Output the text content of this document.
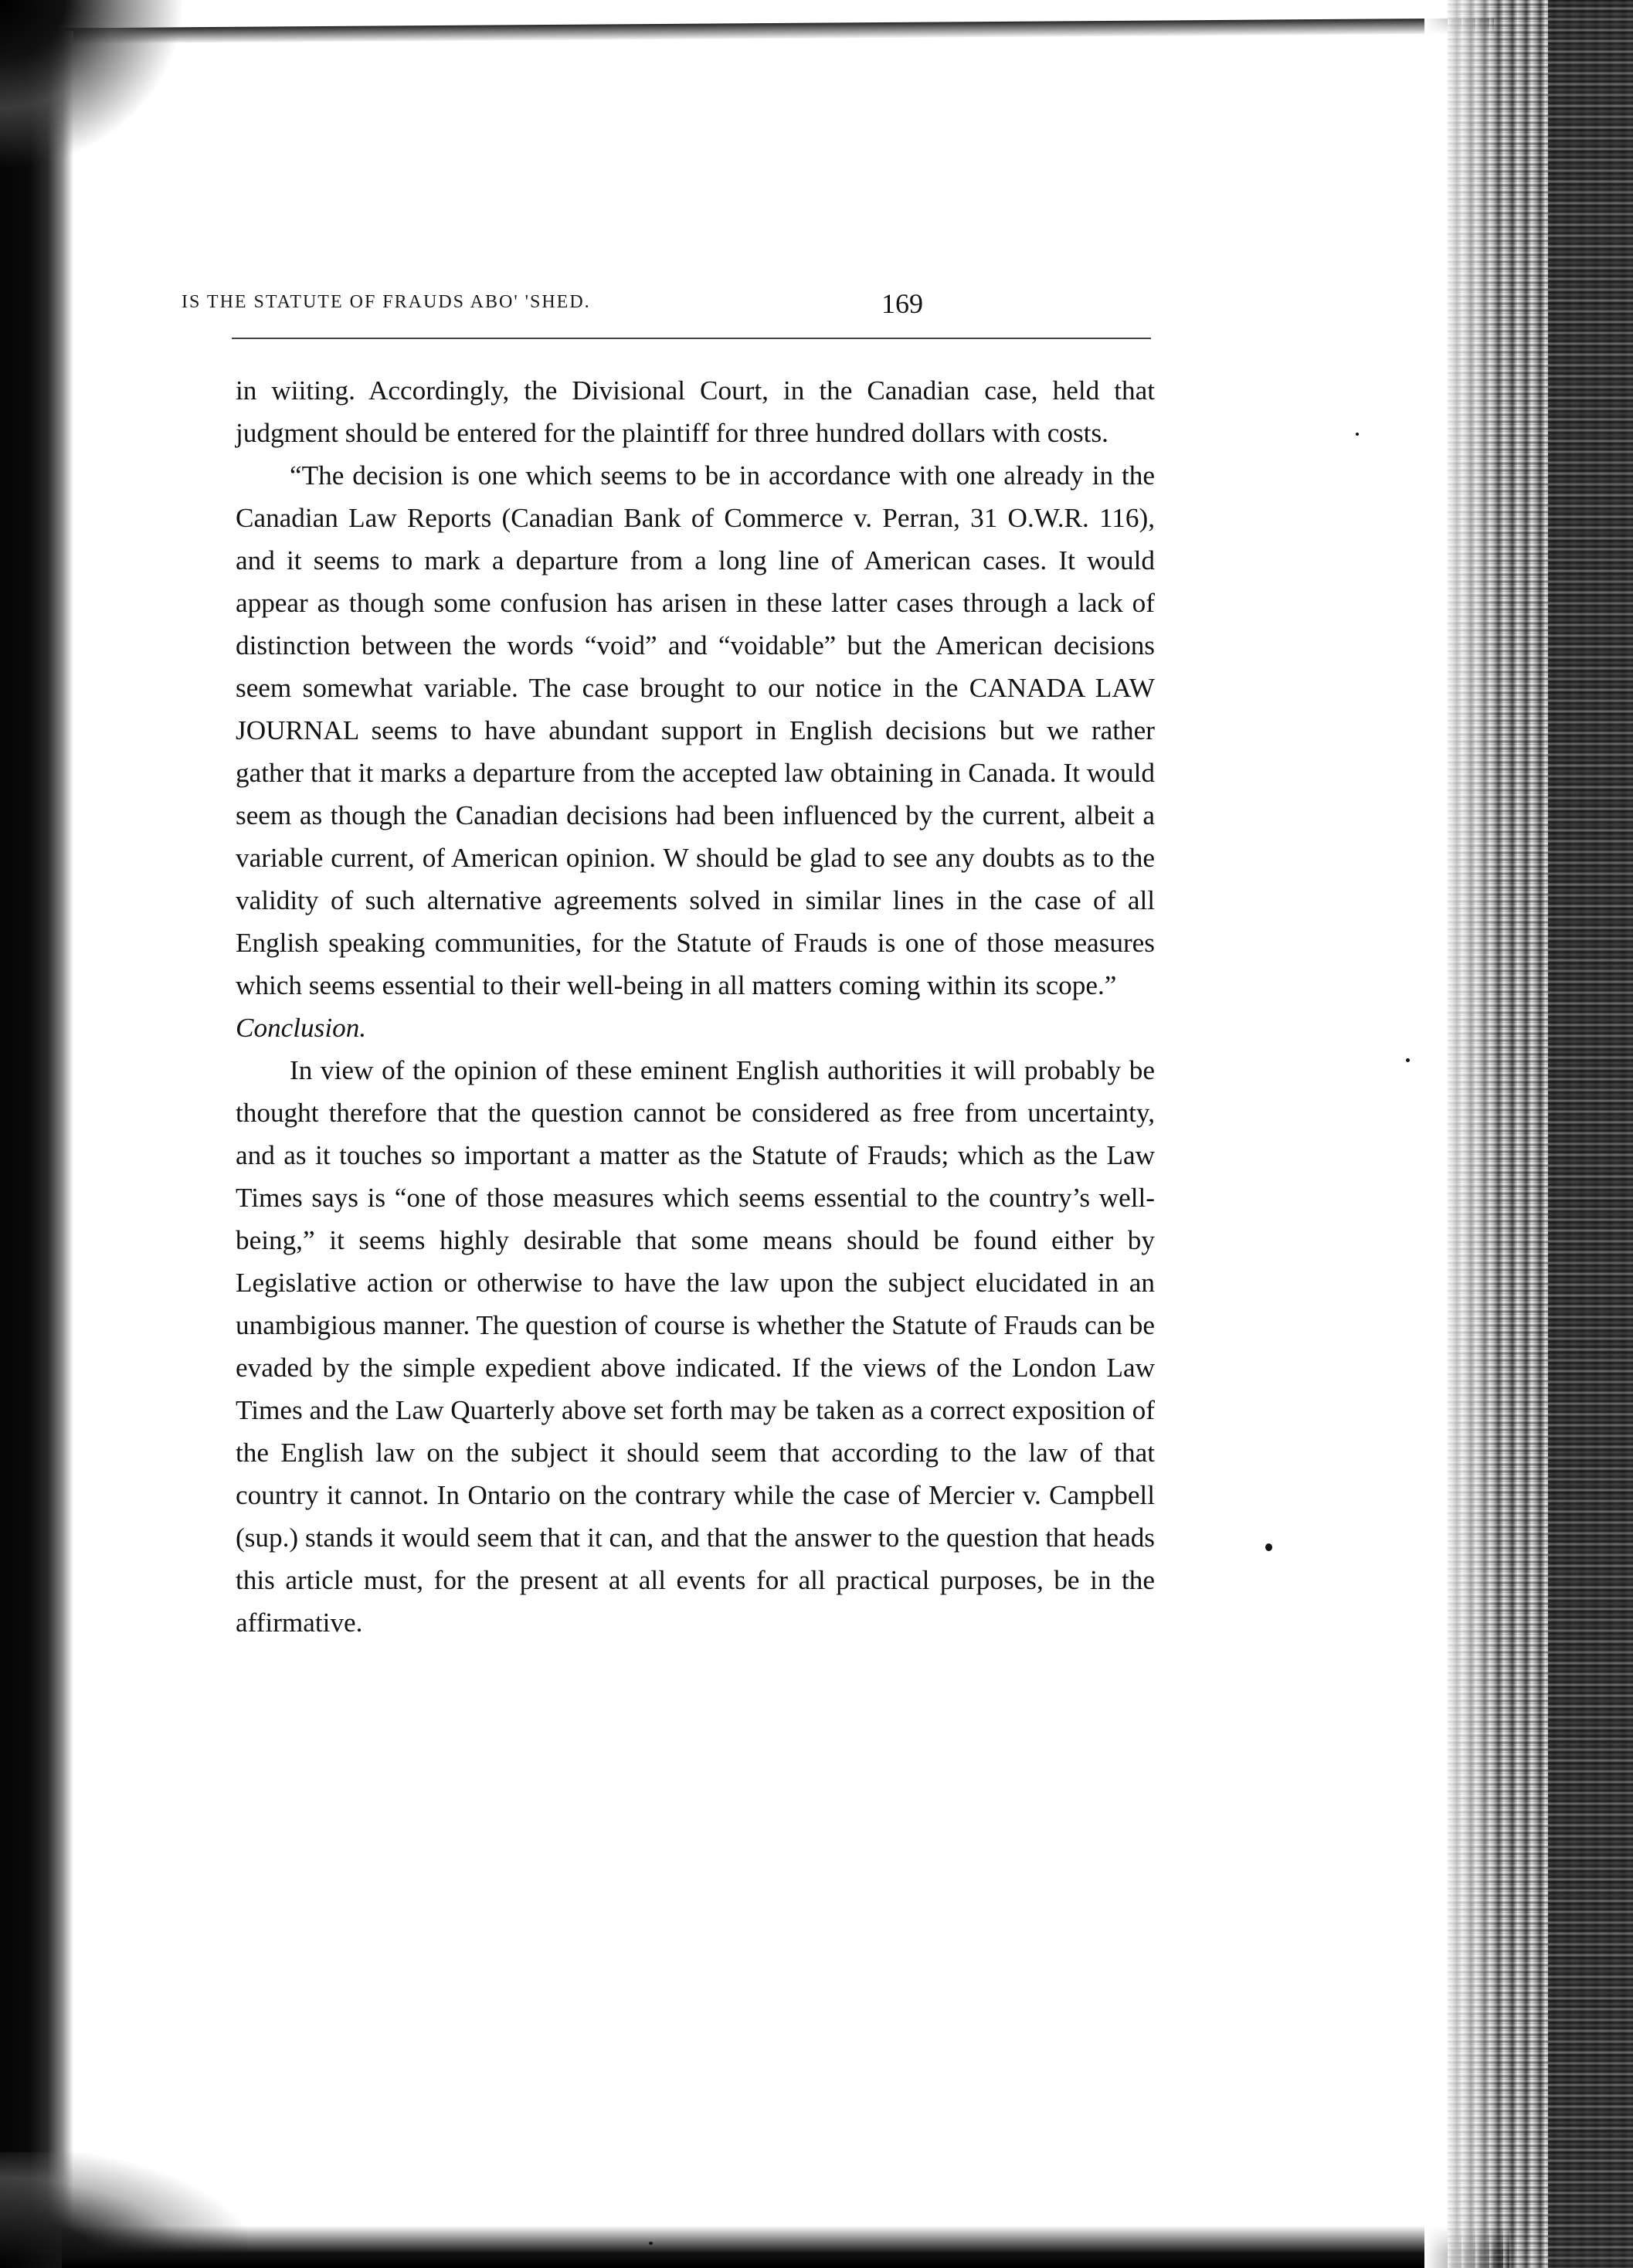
IS THE STATUTE OF FRAUDS ABO' 'SHED.	169

in wiiting. Accordingly, the Divisional Court, in the Canadian case, held that judgment should be entered for the plaintiff for three hundred dollars with costs.

“The decision is one which seems to be in accordance with one already in the Canadian Law Reports (Canadian Bank of Commerce v. Perran, 31 O.W.R. 116), and it seems to mark a departure from a long line of American cases. It would appear as though some confusion has arisen in these latter cases through a lack of distinction between the words “void” and “voidable” but the American decisions seem somewhat variable. The case brought to our notice in the CANADA LAW JOURNAL seems to have abundant support in English decisions but we rather gather that it marks a departure from the accepted law obtaining in Canada. It would seem as though the Canadian decisions had been influenced by the current, albeit a variable current, of American opinion. W should be glad to see any doubts as to the validity of such alternative agreements solved in similar lines in the case of all English speaking communities, for the Statute of Frauds is one of those measures which seems essential to their well-being in all matters coming within its scope.”

Conclusion.

In view of the opinion of these eminent English authorities it will probably be thought therefore that the question cannot be considered as free from uncertainty, and as it touches so important a matter as the Statute of Frauds; which as the Law Times says is “one of those measures which seems essential to the country’s well-being,” it seems highly desirable that some means should be found either by Legislative action or otherwise to have the law upon the subject elucidated in an unambigious manner. The question of course is whether the Statute of Frauds can be evaded by the simple expedient above indicated. If the views of the London Law Times and the Law Quarterly above set forth may be taken as a correct exposition of the English law on the subject it should seem that according to the law of that country it cannot. In Ontario on the contrary while the case of Mercier v. Campbell (sup.) stands it would seem that it can, and that the answer to the question that heads this article must, for the present at all events for all practical purposes, be in the affirmative.
